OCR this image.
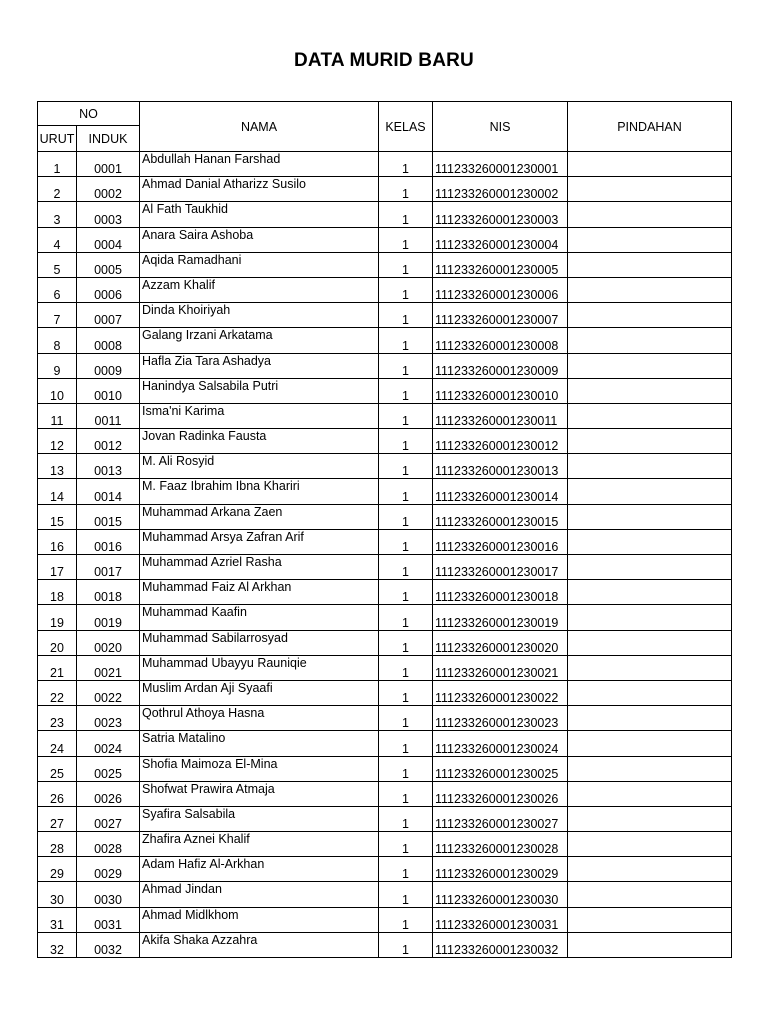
DATA MURID BARU
NO		NAMA	KELAS	NIS	PINDAHAN
URUT	INDUK				
1	0001	Abdullah Hanan Farshad	1	111233260001230001	
2	0002	Ahmad Danial Atharizz Susilo	1	111233260001230002	
3	0003	Al Fath Taukhid	1	111233260001230003	
4	0004	Anara Saira Ashoba	1	111233260001230004	
5	0005	Aqida Ramadhani	1	111233260001230005	
6	0006	Azzam Khalif	1	111233260001230006	
7	0007	Dinda Khoiriyah	1	111233260001230007	
8	0008	Galang Irzani Arkatama	1	111233260001230008	
9	0009	Hafla Zia Tara Ashadya	1	111233260001230009	
10	0010	Hanindya Salsabila Putri	1	111233260001230010	
11	0011	Isma'ni Karima	1	111233260001230011	
12	0012	Jovan Radinka Fausta	1	111233260001230012	
13	0013	M. Ali Rosyid	1	111233260001230013	
14	0014	M. Faaz Ibrahim Ibna Khariri	1	111233260001230014	
15	0015	Muhammad Arkana Zaen	1	111233260001230015	
16	0016	Muhammad Arsya Zafran Arif	1	111233260001230016	
17	0017	Muhammad Azriel Rasha	1	111233260001230017	
18	0018	Muhammad Faiz Al Arkhan	1	111233260001230018	
19	0019	Muhammad Kaafin	1	111233260001230019	
20	0020	Muhammad Sabilarrosyad	1	111233260001230020	
21	0021	Muhammad Ubayyu Rauniqie	1	111233260001230021	
22	0022	Muslim Ardan Aji Syaafi	1	111233260001230022	
23	0023	Qothrul Athoya Hasna	1	111233260001230023	
24	0024	Satria Matalino	1	111233260001230024	
25	0025	Shofia Maimoza El-Mina	1	111233260001230025	
26	0026	Shofwat Prawira Atmaja	1	111233260001230026	
27	0027	Syafira Salsabila	1	111233260001230027	
28	0028	Zhafira Aznei Khalif	1	111233260001230028	
29	0029	Adam Hafiz Al-Arkhan	1	111233260001230029	
30	0030	Ahmad Jindan	1	111233260001230030	
31	0031	Ahmad Midlkhom	1	111233260001230031	
32	0032	Akifa Shaka Azzahra	1	111233260001230032	
